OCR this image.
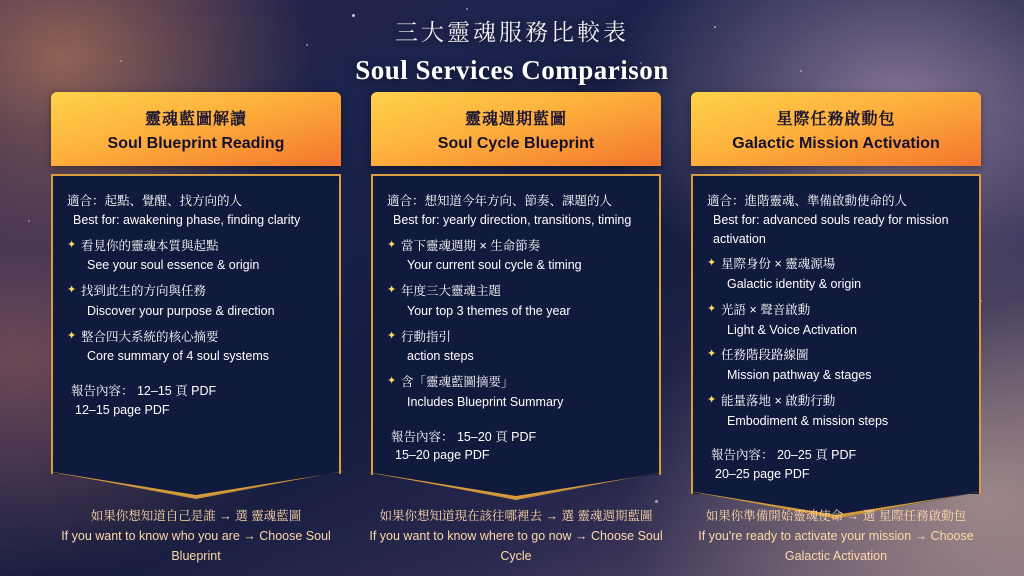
三大靈魂服務比較表
Soul Services Comparison
靈魂藍圖解讀
Soul Blueprint Reading
適合：起點、覺醒、找方向的人
Best for: awakening phase, finding clarity
✦ 看見你的靈魂本質與起點
See your soul essence & origin
✦ 找到此生的方向與任務
Discover your purpose & direction
✦ 整合四大系統的核心摘要
Core summary of 4 soul systems
報告內容： 12–15 頁 PDF
12–15 page PDF
靈魂週期藍圖
Soul Cycle Blueprint
適合：想知道今年方向、節奏、課題的人
Best for: yearly direction, transitions, timing
✦ 當下靈魂週期 × 生命節奏
Your current soul cycle & timing
✦ 年度三大靈魂主題
Your top 3 themes of the year
✦ 行動指引
action steps
✦ 含「靈魂藍圖摘要」
Includes Blueprint Summary
報告內容： 15–20 頁 PDF
15–20 page PDF
星際任務啟動包
Galactic Mission Activation
適合：進階靈魂、準備啟動使命的人
Best for: advanced souls ready for mission activation
✦ 星際身份 × 靈魂源場
Galactic identity & origin
✦ 光語 × 聲音啟動
Light & Voice Activation
✦ 任務階段路線圖
Mission pathway & stages
✦ 能量落地 × 啟動行動
Embodiment & mission steps
報告內容： 20–25 頁 PDF
20–25 page PDF
如果你想知道自己是誰 → 選 靈魂藍圖
If you want to know who you are → Choose Soul Blueprint
如果你想知道現在該往哪裡去 → 選 靈魂週期藍圖
If you want to know where to go now → Choose Soul Cycle
如果你準備開始靈魂使命 → 選 星際任務啟動包
If you're ready to activate your mission → Choose Galactic Activation
